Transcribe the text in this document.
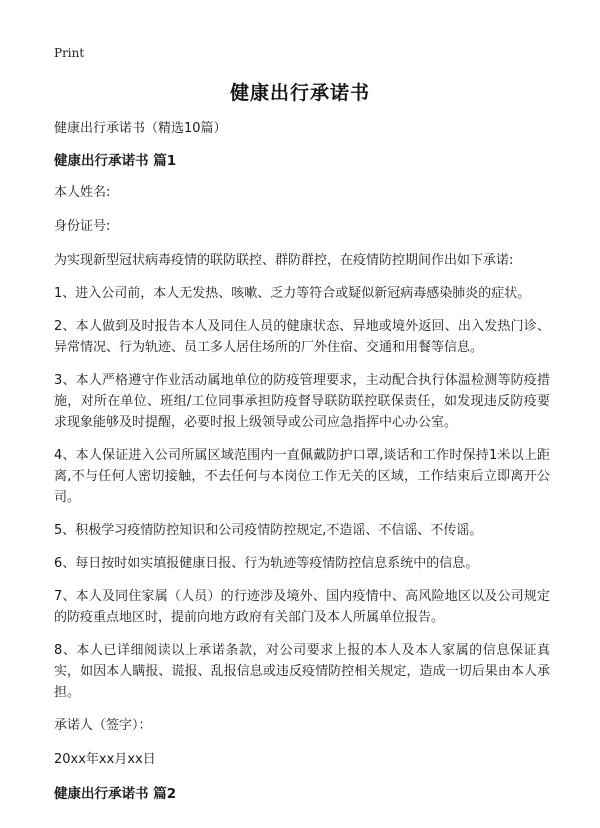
Print
健康出行承诺书

健康出行承诺书（精选10篇）

健康出行承诺书 篇1

本人姓名:

身份证号:

为实现新型冠状病毒疫情的联防联控、群防群控，在疫情防控期间作出如下承诺:

1、进入公司前，本人无发热、咳嗽、乏力等符合或疑似新冠病毒感染肺炎的症状。

2、本人做到及时报告本人及同住人员的健康状态、异地或境外返回、出入发热门诊、异常情况、行为轨迹、员工多人居住场所的厂外住宿、交通和用餐等信息。

3、本人严格遵守作业活动属地单位的防疫管理要求，主动配合执行体温检测等防疫措施，对所在单位、班组/工位同事承担防疫督导联防联控联保责任，如发现违反防疫要求现象能够及时提醒，必要时报上级领导或公司应急指挥中心办公室。

4、本人保证进入公司所属区域范围内一直佩戴防护口罩,谈话和工作时保持1米以上距离,不与任何人密切接触，不去任何与本岗位工作无关的区域，工作结束后立即离开公司。

5、积极学习疫情防控知识和公司疫情防控规定,不造谣、不信谣、不传谣。

6、每日按时如实填报健康日报、行为轨迹等疫情防控信息系统中的信息。

7、本人及同住家属（人员）的行迹涉及境外、国内疫情中、高风险地区以及公司规定的防疫重点地区时，提前向地方政府有关部门及本人所属单位报告。

8、本人已详细阅读以上承诺条款，对公司要求上报的本人及本人家属的信息保证真实，如因本人瞒报、谎报、乱报信息或违反疫情防控相关规定，造成一切后果由本人承担。

承诺人（签字）：

20xx年xx月xx日

健康出行承诺书 篇2
